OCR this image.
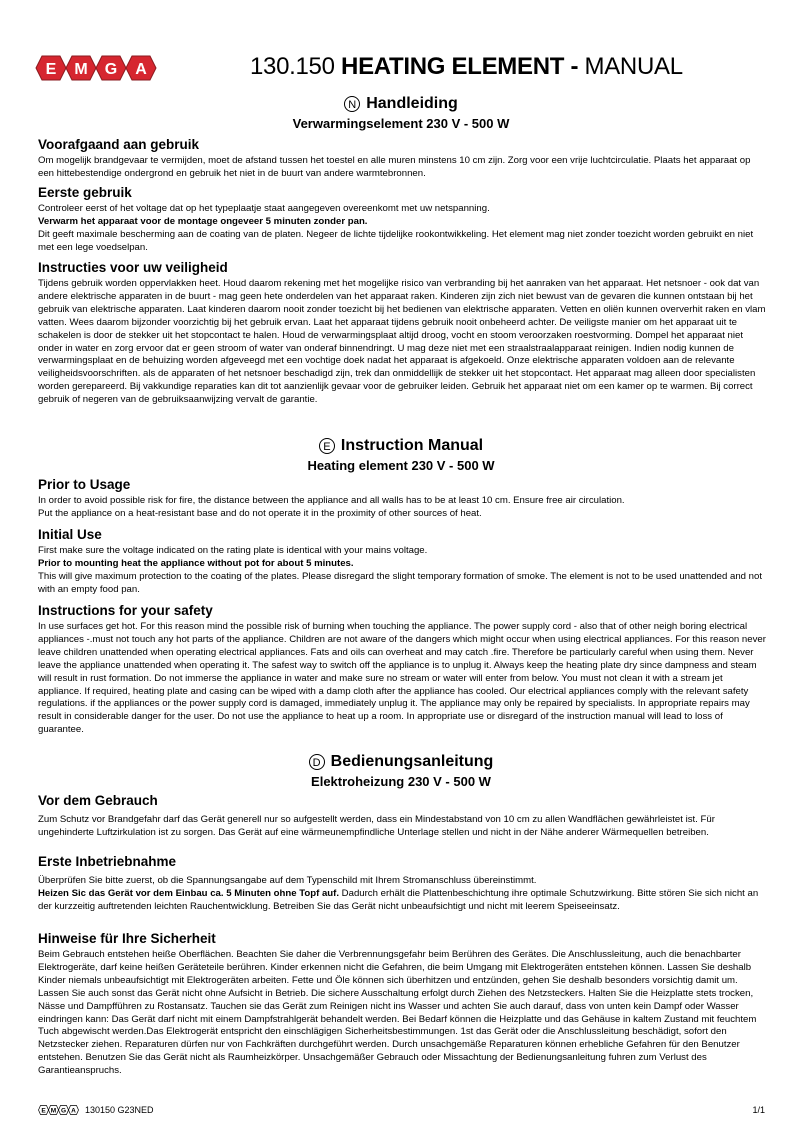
E M G A	130.150 HEATING ELEMENT - MANUAL
N Handleiding
Verwarmingselement 230 V - 500 W
Voorafgaand aan gebruik

Om mogelijk brandgevaar te vermijden, moet de afstand tussen het toestel en alle muren minstens 10 cm zijn. Zorg voor een vrije luchtcirculatie. Plaats het apparaat op een hittebestendige ondergrond en gebruik het niet in de buurt van andere warmtebronnen.

Eerste gebruik

Controleer eerst of het voltage dat op het typeplaatje staat aangegeven overeenkomt met uw netspanning.

Verwarm het apparaat voor de montage ongeveer 5 minuten zonder pan.

Dit geeft maximale bescherming aan de coating van de platen. Negeer de lichte tijdelijke rookontwikkeling. Het element mag niet zonder toezicht worden gebruikt en niet met een lege voedselpan.

Instructies voor uw veiligheid

Tijdens gebruik worden oppervlakken heet. Houd daarom rekening met het mogelijke risico van verbranding bij het aanraken van het apparaat. Het netsnoer - ook dat van andere elektrische apparaten in de buurt - mag geen hete onderdelen van het apparaat raken. Kinderen zijn zich niet bewust van de gevaren die kunnen ontstaan bij het gebruik van elektrische apparaten. Laat kinderen daarom nooit zonder toezicht bij het bedienen van elektrische apparaten. Vetten en oliën kunnen oververhit raken en vlam vatten. Wees daarom bijzonder voorzichtig bij het gebruik ervan. Laat het apparaat tijdens gebruik nooit onbeheerd achter. De veiligste manier om het apparaat uit te schakelen is door de stekker uit het stopcontact te halen. Houd de verwarmingsplaat altijd droog, vocht en stoom veroorzaken roestvorming. Dompel het apparaat niet onder in water en zorg ervoor dat er geen stroom of water van onderaf binnendringt. U mag deze niet met een straalstraalapparaat reinigen. Indien nodig kunnen de verwarmingsplaat en de behuizing worden afgeveegd met een vochtige doek nadat het apparaat is afgekoeld. Onze elektrische apparaten voldoen aan de relevante veiligheidsvoorschriften. als de apparaten of het netsnoer beschadigd zijn, trek dan onmiddellijk de stekker uit het stopcontact. Het apparaat mag alleen door specialisten worden gerepareerd. Bij vakkundige reparaties kan dit tot aanzienlijk gevaar voor de gebruiker leiden. Gebruik het apparaat niet om een kamer op te warmen. Bij correct gebruik of negeren van de gebruiksaanwijzing vervalt de garantie.

E Instruction Manual
Heating element 230 V - 500 W
Prior to Usage

In order to avoid possible risk for fire, the distance between the appliance and all walls has to be at least 10 cm. Ensure free air circulation.

Put the appliance on a heat-resistant base and do not operate it in the proximity of other sources of heat.

Initial Use

First make sure the voltage indicated on the rating plate is identical with your mains voltage.

Prior to mounting heat the appliance without pot for about 5 minutes.

This will give maximum protection to the coating of the plates. Please disregard the slight temporary formation of smoke. The element is not to be used unattended and not with an empty food pan.

Instructions for your safety

In use surfaces get hot. For this reason mind the possible risk of burning when touching the appliance. The power supply cord - also that of other neigh boring electrical appliances -.must not touch any hot parts of the appliance. Children are not aware of the dangers which might occur when using electrical appliances. For this reason never leave children unattended when operating electrical appliances. Fats and oils can overheat and may catch .fire. Therefore be particularly careful when using them. Never leave the appliance unattended when operating it. The safest way to switch off the appliance is to unplug it. Always keep the heating plate dry since dampness and steam will result in rust formation. Do not immerse the appliance in water and make sure no stream or water will enter from below. You must not clean it with a stream jet appliance. If required, heating plate and casing can be wiped with a damp cloth after the appliance has cooled. Our electrical appliances comply with the relevant safety regulations. if the appliances or the power supply cord is damaged, immediately unplug it. The appliance may only be repaired by specialists. In appropriate repairs may result in considerable danger for the user. Do not use the appliance to heat up a room. In appropriate use or disregard of the instruction manual will lead to loss of guarantee.

D Bedienungsanleitung
Elektroheizung 230 V - 500 W
Vor dem Gebrauch

Zum Schutz vor Brandgefahr darf das Gerät generell nur so aufgestellt werden, dass ein Mindestabstand von 10 cm zu allen Wandflächen gewährleistet ist. Für ungehinderte Luftzirkulation ist zu sorgen. Das Gerät auf eine wärmeunempfindliche Unterlage stellen und nicht in der Nähe anderer Wärmequellen betreiben.

Erste Inbetriebnahme

Überprüfen Sie bitte zuerst, ob die Spannungsangabe auf dem Typenschild mit Ihrem Stromanschluss übereinstimmt.

Heizen Sic das Gerät vor dem Einbau ca. 5 Minuten ohne Topf auf. Dadurch erhält die Plattenbeschichtung ihre optimale Schutzwirkung. Bitte stören Sie sich nicht an der kurzzeitig auftretenden leichten Rauchentwicklung. Betreiben Sie das Gerät nicht unbeaufsichtigt und nicht mit leerem Speiseeinsatz.

Hinweise für Ihre Sicherheit

Beim Gebrauch entstehen heiße Oberflächen. Beachten Sie daher die Verbrennungsgefahr beim Berühren des Gerätes. Die Anschlussleitung, auch die benachbarter Elektrogeräte, darf keine heißen Geräteteile berühren. Kinder erkennen nicht die Gefahren, die beim Umgang mit Elektrogeräten entstehen können. Lassen Sie deshalb Kinder niemals unbeaufsichtigt mit Elektrogeräten arbeiten. Fette und Öle können sich überhitzen und entzünden, gehen Sie deshalb besonders vorsichtig damit um. Lassen Sie auch sonst das Gerät nicht ohne Aufsicht in Betrieb. Die sichere Ausschaltung erfolgt durch Ziehen des Netzsteckers. Halten Sie die Heizplatte stets trocken, Nässe und Dampfführen zu Rostansatz. Tauchen sie das Gerät zum Reinigen nicht ins Wasser und achten Sie auch darauf, dass von unten kein Dampf oder Wasser eindringen kann: Das Gerät darf nicht mit einem Dampfstrahlgerät behandelt werden. Bei Bedarf können die Heizplatte und das Gehäuse in kaltem Zustand mit feuchtem Tuch abgewischt werden.Das Elektrogerät entspricht den einschlägigen Sicherheitsbestimmungen. 1st das Gerät oder die Anschlussleitung beschädigt, sofort den Netzstecker ziehen. Reparaturen dürfen nur von Fachkräften durchgeführt werden. Durch unsachgemäße Reparaturen können erhebliche Gefahren für den Benutzer entstehen. Benutzen Sie das Gerät nicht als Raumheizkörper. Unsachgemäßer Gebrauch oder Missachtung der Bedienungsanleitung fuhren zum Verlust des Garantieanspruchs.

E M G A 130150 G23NED	1/1
